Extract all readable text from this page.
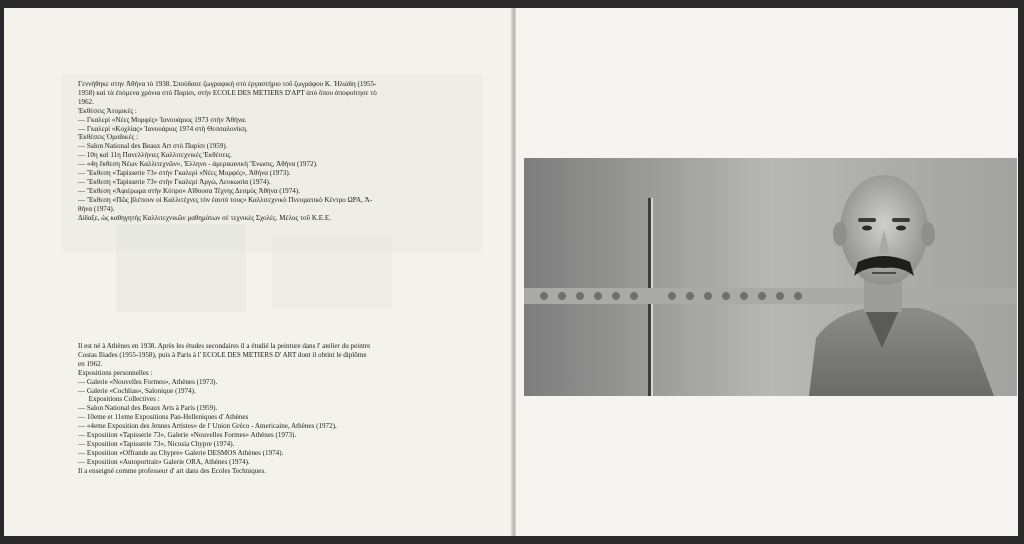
Γεννήθηκε στην Ἀθήνα τὸ 1938. Σπούδασε ζωγραφική στὸ ἐργαστήριο τοῦ ζωγράφου Κ. Ἠλιάδη (1955-
1958) καὶ τὰ ἐπόμενα χρόνια στὸ Παρίσι, στὴν ECOLE DES METIERS D'APT ἀπὸ ὅπου ἀποφοίτησε τὸ
1962.
Ἐκθέσεις Ἀτομικές :
— Γκαλερί «Νέες Μορφές» Ἰανουάριος 1973 στὴν Ἀθήνα.
— Γκαλερί «Κοχλίας» Ἰανουάριος 1974 στὴ Θεσσαλονίκη.
Ἐκθέσεις Ὁμαδικές :
— Salon National des Beaux Art στὸ Παρίσι (1959).
— 10η καὶ 11η Πανελλήνιες Καλλιτεχνικὲς Ἐκθέσεις.
— «4η ἔκθεση Νέων Καλλιτεχνῶν», Ἑλληνο - ἀμερικανικὴ Ἕνωσις, Ἀθήνα (1972).
— Ἔκθεση «Tapisserie 73» στὴν Γκαλερί «Νέες Μορφές», Ἀθήνα (1973).
— Ἔκθεση «Tapisserie 73» στὴν Γκαλερί Ἀργώ, Λευκωσία (1974).
— Ἔκθεση «Ἀφιέρωμα στὴν Κύπρο» Αἴθουσα Τέχνης Δεσμός Ἀθήνα (1974).
— Ἔκθεση «Πῶς βλέπουν οἱ Καλλιτέχνες τὸν ἑαυτό τους» Καλλιτεχνικὸ Πνευματικὸ Κέντρο ΩΡΑ, Ἀ-
θήνα (1974).
Δίδαξε, ὡς καθηγητὴς Καλλιτεχνικῶν μαθημάτων σὲ τεχνικὲς Σχολές. Μέλος τοῦ Κ.Ε.Ε.
Il est né à Athènes en 1938. Après les études secondaires il a étudié la peinture dans l' atelier du peintre
Costas Iliades (1955-1958), puis à Paris à l' ECOLE DES METIERS D' ART dont il obtint le diplôme
en 1962.
Expositions personnelles :
— Galerie «Nouvelles Formes», Athènes (1973).
— Galerie «Cochlias», Salonique (1974).
Expositions Collectives :
— Salon National des Beaux Arts à Paris (1959).
— 10eme et 11eme Expositions Pan-Helleniques d' Athènes
— «4eme Exposition des Jennes Artistes» de l' Union Gréco - Americaine, Athènes (1972),
— Exposition «Tapisserie 73», Galerie «Nouvelles Formes» Athènes (1973).
— Exposition «Tapisserie 73», Nicosia Chypre (1974).
— Exposition «Offrande au Chypre» Galerie DESMOS Athènes (1974).
— Exposition «Autoportrait» Galerie ORA, Athènes (1974).
Il a enseigné comme professeur d' art dans des Ecoles Techniques.
